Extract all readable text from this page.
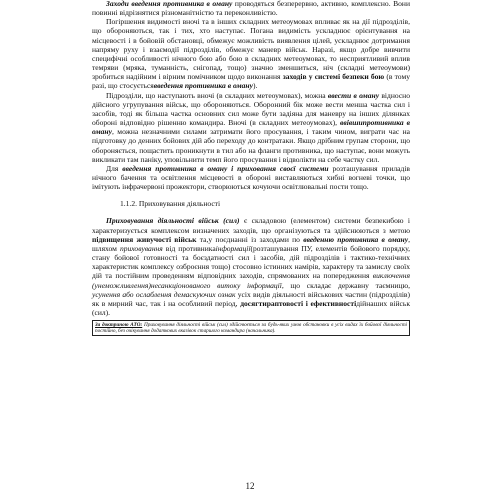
Заходи введення противника в оману проводяться безперервно, активно, комплексно. Вони повинні відрізнятися різноманітністю та переконливістю.

Погіршення видимості вночі та в інших складних метеоумовах впливає як на дії підрозділів, що обороняються, так і тих, хто наступає. Погана видимість ускладнює орієнтування на місцевості і в бойовій обстановці, обмежує можливість виявлення цілей, ускладнює дотримання напряму руху і взаємодії підрозділів, обмежує маневр військ. Наразі, якщо добре вивчити специфічні особливості нічного бою або бою в складних метеоумовах, то несприятливий вплив темряви (мряка, туманність, снігопад, тощо) значно зменшиться, ніч (складні метеоумови) зробиться надійним і вірним помічником щодо виконання заходів у системі безпеки бою (в тому разі, що стосуєтьсявведення противника в оману).

Підрозділи, що наступають вночі (в складних метеоумовах), можна ввести в оману відносно дійсного угрупування військ, що обороняються. Оборонний бік може вести менша частка сил і засобів, тоді як більша частка основних сил може бути задіяна для маневру на інших ділянках обороні відповідно рішенню командира. Вночі (в складних метеоумовах), ввівшипротивника в оману, можна незначними силами затримати його просування, і таким чином, виграти час на підготовку до денних бойових дій або переходу до контратаки. Якщо дрібним групам сторони, що обороняється, пощастить проникнути в тил або на фланги противника, що наступає, вони можуть викликати там паніку, уповільнити темп його просування і відволікти на себе частку сил.

Для введення противника в оману і приховання своєї системи розташування приладів нічного бачення та освітлення місцевості в обороні виставляються хибні вогневі точки, що імітують інфрачервоні прожектори, створюються кочуючи освітлювальні пости тощо.

1.1.2. Приховування діяльності

Приховування діяльності військ (сил) є складовою (елементом) системи безпекибою і характеризується комплексом визначених заходів, що організуються та здійснюються з метою підвищення живучості військ та,у поєднанні із заходами по введенню противника в оману, шляхом приховування від противникаінформації(розташування ПУ, елементів бойового порядку, стану бойової готовності та боєздатності сил і засобів, дій підрозділів і тактико-технічних характеристик комплексу озброєння тощо) стосовно істинних намірів, характеру та замислу своїх дій та постійним проведенням відповідних заходів, спрямованих на попередження виключення (унеможливлення)несанкціонованого витоку інформації, що складає державну таємницю, усунення або ослаблення демаскуючих ознак усіх видів діяльності військових частин (підрозділів) як в мирний час, так і на особливий період, досягтираптовості і ефективностідійнаших військ (сил).

За доктриною АТО: Приховування діяльності військ (сил) здійснюється за будь-яких умов обстановки в усіх видах їх бойової діяльності постійно, без очікування додаткових вказівок старшого командира (начальника).
12
